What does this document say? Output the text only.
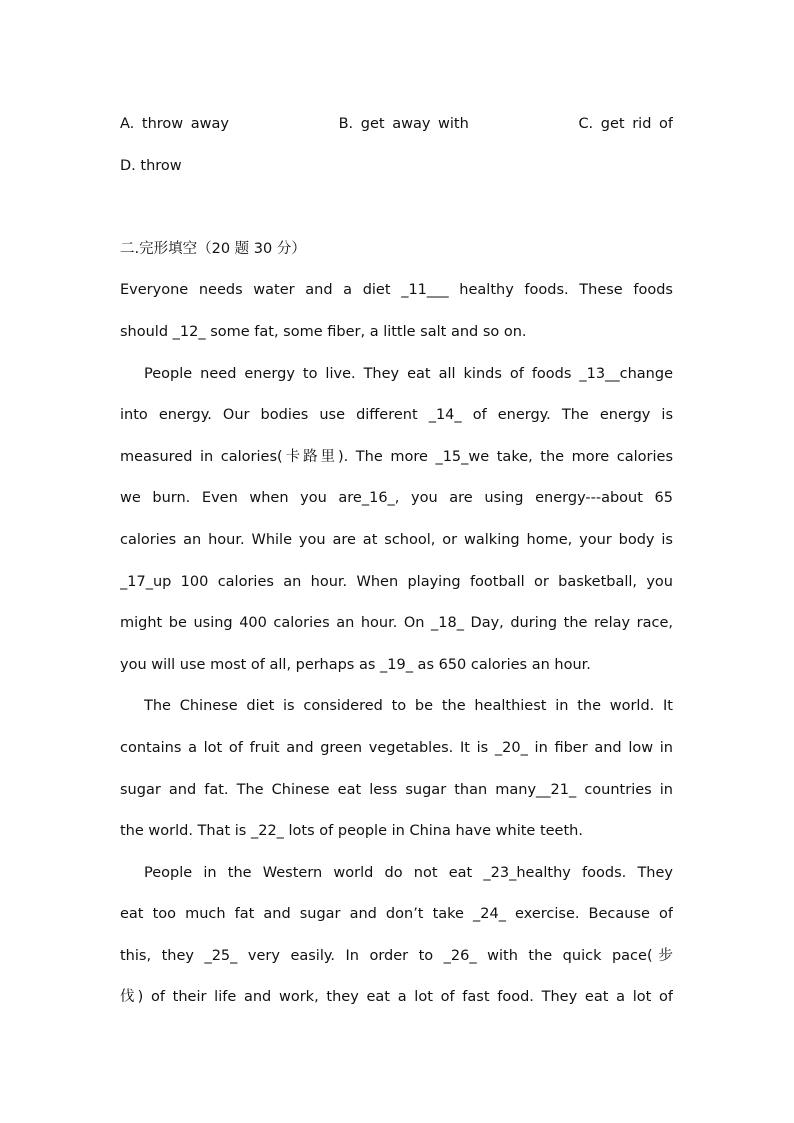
A. throw away	B. get away with	C. get rid of
D. throw
二.完形填空（20 题 30 分）
Everyone needs water and a diet _11___ healthy foods. These foods
should _12_ some fat, some fiber, a little salt and so on.
People need energy to live. They eat all kinds of foods _13__change
into energy. Our bodies use different _14_ of energy. The energy is
measured in calories(卡路里). The more _15_we take, the more calories
we burn. Even when you are_16_, you are using energy---about 65
calories an hour. While you are at school, or walking home, your body is
_17_up 100 calories an hour. When playing football or basketball, you
might be using 400 calories an hour. On _18_ Day, during the relay race,
you will use most of all, perhaps as _19_ as 650 calories an hour.
The Chinese diet is considered to be the healthiest in the world. It
contains a lot of fruit and green vegetables. It is _20_ in fiber and low in
sugar and fat. The Chinese eat less sugar than many__21_ countries in
the world. That is _22_ lots of people in China have white teeth.
People in the Western world do not eat _23_healthy foods. They
eat too much fat and sugar and don’t take _24_ exercise. Because of
this, they _25_ very easily. In order to _26_ with the quick pace(步
伐) of their life and work, they eat a lot of fast food. They eat a lot of
